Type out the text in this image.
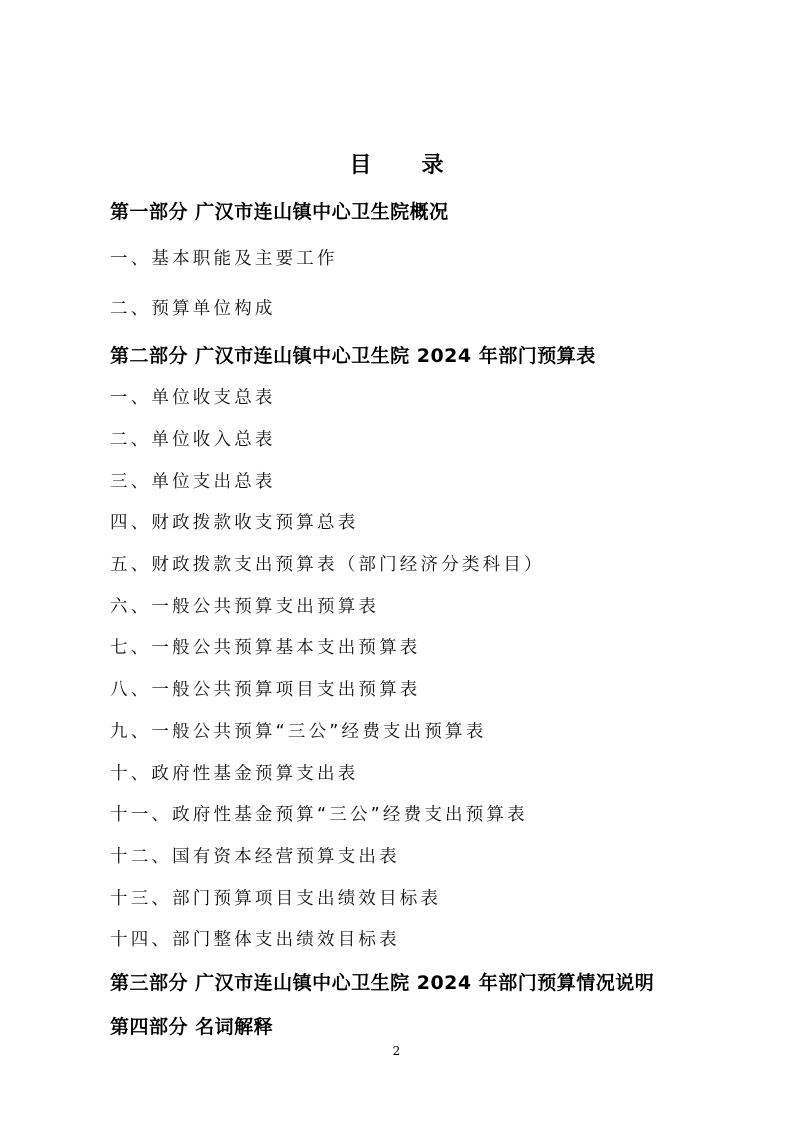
目　录
第一部分 广汉市连山镇中心卫生院概况
一、基本职能及主要工作
二、预算单位构成
第二部分 广汉市连山镇中心卫生院 2024 年部门预算表
一、单位收支总表
二、单位收入总表
三、单位支出总表
四、财政拨款收支预算总表
五、财政拨款支出预算表（部门经济分类科目）
六、一般公共预算支出预算表
七、一般公共预算基本支出预算表
八、一般公共预算项目支出预算表
九、一般公共预算“三公”经费支出预算表
十、政府性基金预算支出表
十一、政府性基金预算“三公”经费支出预算表
十二、国有资本经营预算支出表
十三、部门预算项目支出绩效目标表
十四、部门整体支出绩效目标表
第三部分 广汉市连山镇中心卫生院 2024 年部门预算情况说明
第四部分 名词解释
2
